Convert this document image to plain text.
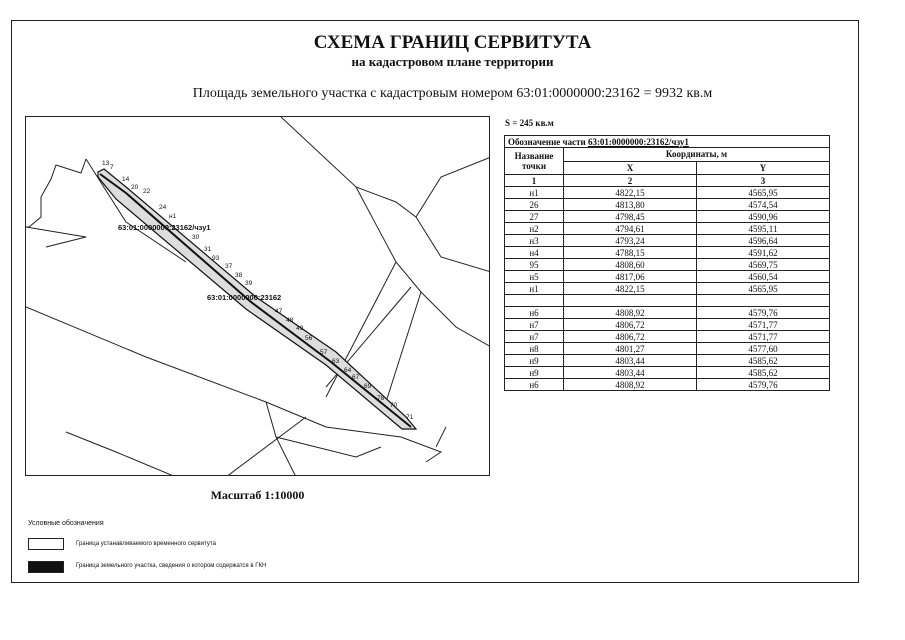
СХЕМА ГРАНИЦ СЕРВИТУТА
на кадастровом плане территории
Площадь земельного участка с кадастровым номером 63:01:0000000:23162 = 9932 кв.м
13
7
14
20
22
24
н1
30
31
93
37
38
39
47
48
49
56
57
63
64
67
69
78
70
71
63:01:0000000:23162/чзу1
63:01:0000000:23162
Масштаб 1:10000
S = 245 кв.м
Обозначение части 63:01:0000000:23162/чзу1		
Название точки	Координаты, м	
	X	Y
1	2	3
н1	4822,15	4565,95
26	4813,80	4574,54
27	4798,45	4590,96
н2	4794,61	4595,11
н3	4793,24	4596,64
н4	4788,15	4591,62
95	4808,60	4569,75
н5	4817,06	4560,54
н1	4822,15	4565,95

н6	4808,92	4579,76
н7	4806,72	4571,77
н7	4806,72	4571,77
н8	4801,27	4577,60
н9	4803,44	4585,62
н9	4803,44	4585,62
н6	4808,92	4579,76
Условные обозначения
Граница устанавливаемого временного сервитута
Граница земельного участка, сведения о котором содержатся в ГКН
